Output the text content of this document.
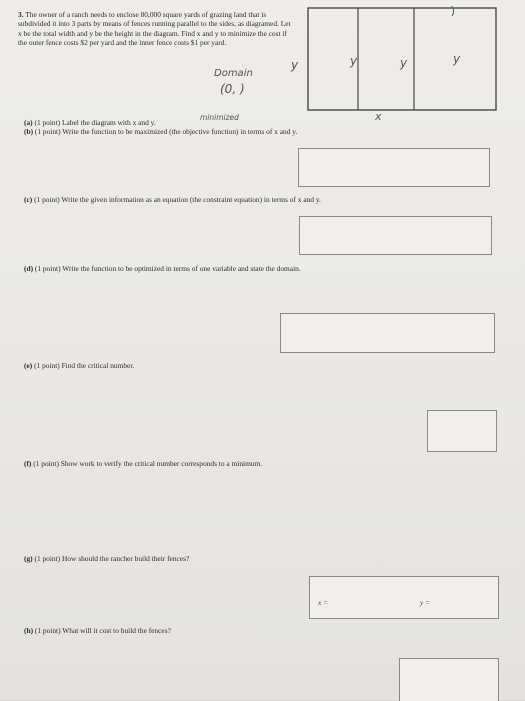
3. The owner of a ranch needs to enclose 80,000 square yards of grazing land that is subdivided it into 3 parts by means of fences running parallel to the sides, as diagramed. Let x be the total width and y be the height in the diagram. Find x and y to minimize the cost if the outer fence costs $2 per yard and the inner fence costs $1 per yard.
Domain
(0, )
y	y	y	y
x
minimized
(a) (1 point) Label the diagram with x and y.
(b) (1 point) Write the function to be maximized (the objective function) in terms of x and y.
(c) (1 point) Write the given information as an equation (the constraint equation) in terms of x and y.
(d) (1 point) Write the function to be optimized in terms of one variable and state the domain.
(e) (1 point) Find the critical number.
(f) (1 point) Show work to verify the critical number corresponds to a minimum.
(g) (1 point) How should the rancher build their fences?
x =	y =
(h) (1 point) What will it cost to build the fences?
